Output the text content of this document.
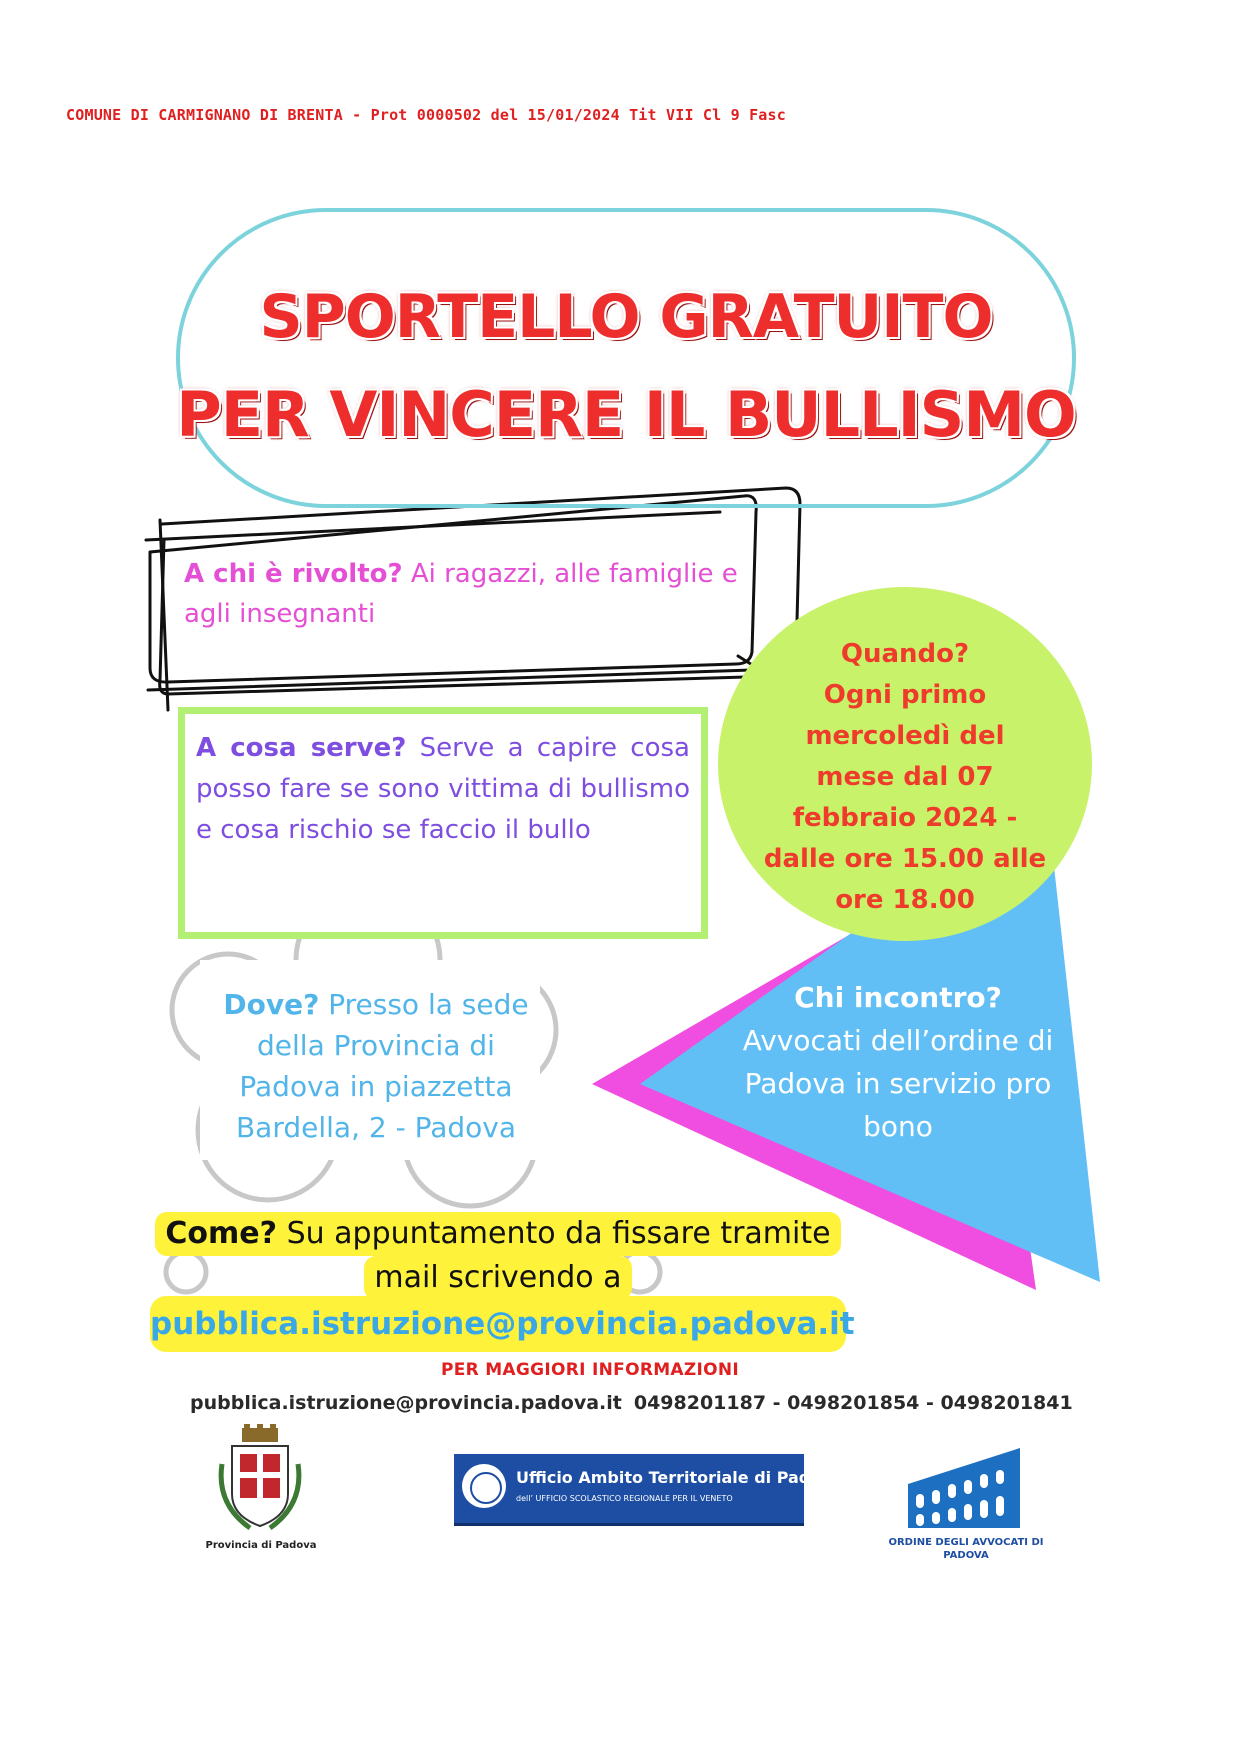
COMUNE DI CARMIGNANO DI BRENTA - Prot 0000502 del 15/01/2024 Tit VII Cl 9 Fasc
SPORTELLO GRATUITO
PER VINCERE IL BULLISMO
A chi è rivolto? Ai ragazzi, alle famiglie e agli insegnanti
A cosa serve? Serve a capire cosa posso fare se sono vittima di bullismo e cosa rischio se faccio il bullo
Quando?
Ogni primo
mercoledì del
mese dal 07
febbraio 2024 -
dalle ore 15.00 alle
ore 18.00
Dove? Presso la sede della Provincia di Padova in piazzetta Bardella, 2 - Padova
Chi incontro?
Avvocati dell’ordine di Padova in servizio pro bono
Come? Su appuntamento da fissare tramite
mail scrivendo a
pubblica.istruzione@provincia.padova.it
PER MAGGIORI INFORMAZIONI
pubblica.istruzione@provincia.padova.it 0498201187 - 0498201854 - 0498201841
Provincia di Padova
Ufficio Ambito Territoriale di Padova
dell’ UFFICIO SCOLASTICO REGIONALE PER IL VENETO
ORDINE DEGLI AVVOCATI DI PADOVA
